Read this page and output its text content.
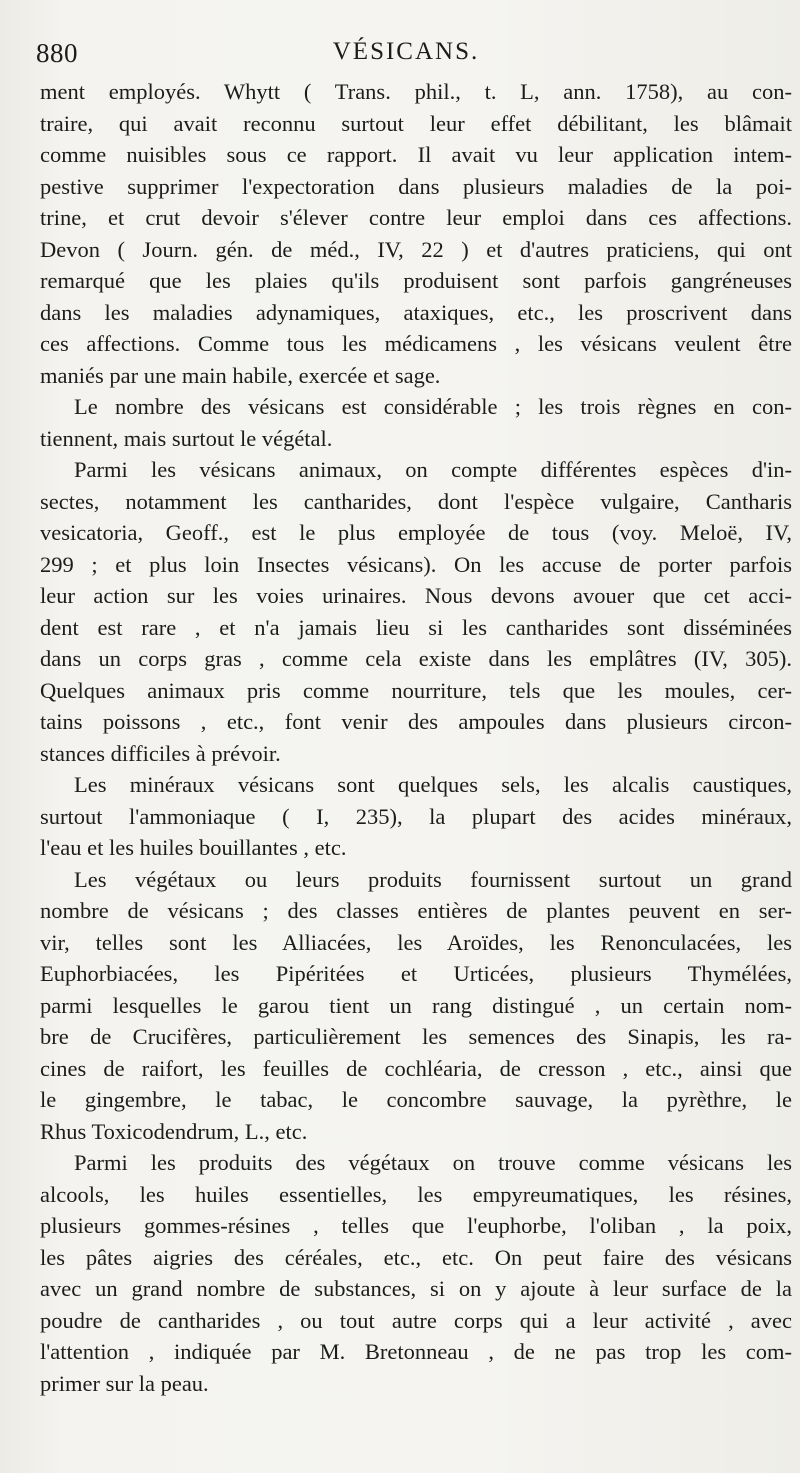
880	VÉSICANS.
ment employés. Whytt ( Trans. phil., t. L, ann. 1758), au con-
traire, qui avait reconnu surtout leur effet débilitant, les blâmait
comme nuisibles sous ce rapport. Il avait vu leur application intem-
pestive supprimer l'expectoration dans plusieurs maladies de la poi-
trine, et crut devoir s'élever contre leur emploi dans ces affections.
Devon ( Journ. gén. de méd., IV, 22 ) et d'autres praticiens, qui ont
remarqué que les plaies qu'ils produisent sont parfois gangréneuses
dans les maladies adynamiques, ataxiques, etc., les proscrivent dans
ces affections. Comme tous les médicamens , les vésicans veulent être
maniés par une main habile, exercée et sage.
Le nombre des vésicans est considérable ; les trois règnes en con-
tiennent, mais surtout le végétal.
Parmi les vésicans animaux, on compte différentes espèces d'in-
sectes, notamment les cantharides, dont l'espèce vulgaire, Cantharis
vesicatoria, Geoff., est le plus employée de tous (voy. Meloë, IV,
299 ; et plus loin Insectes vésicans). On les accuse de porter parfois
leur action sur les voies urinaires. Nous devons avouer que cet acci-
dent est rare , et n'a jamais lieu si les cantharides sont disséminées
dans un corps gras , comme cela existe dans les emplâtres (IV, 305).
Quelques animaux pris comme nourriture, tels que les moules, cer-
tains poissons , etc., font venir des ampoules dans plusieurs circon-
stances difficiles à prévoir.
Les minéraux vésicans sont quelques sels, les alcalis caustiques,
surtout l'ammoniaque ( I, 235), la plupart des acides minéraux,
l'eau et les huiles bouillantes , etc.
Les végétaux ou leurs produits fournissent surtout un grand
nombre de vésicans ; des classes entières de plantes peuvent en ser-
vir, telles sont les Alliacées, les Aroïdes, les Renonculacées, les
Euphorbiacées, les Pipéritées et Urticées, plusieurs Thymélées,
parmi lesquelles le garou tient un rang distingué , un certain nom-
bre de Crucifères, particulièrement les semences des Sinapis, les ra-
cines de raifort, les feuilles de cochléaria, de cresson , etc., ainsi que
le gingembre, le tabac, le concombre sauvage, la pyrèthre, le
Rhus Toxicodendrum, L., etc.
Parmi les produits des végétaux on trouve comme vésicans les
alcools, les huiles essentielles, les empyreumatiques, les résines,
plusieurs gommes-résines , telles que l'euphorbe, l'oliban , la poix,
les pâtes aigries des céréales, etc., etc. On peut faire des vésicans
avec un grand nombre de substances, si on y ajoute à leur surface de la
poudre de cantharides , ou tout autre corps qui a leur activité , avec
l'attention , indiquée par M. Bretonneau , de ne pas trop les com-
primer sur la peau.
